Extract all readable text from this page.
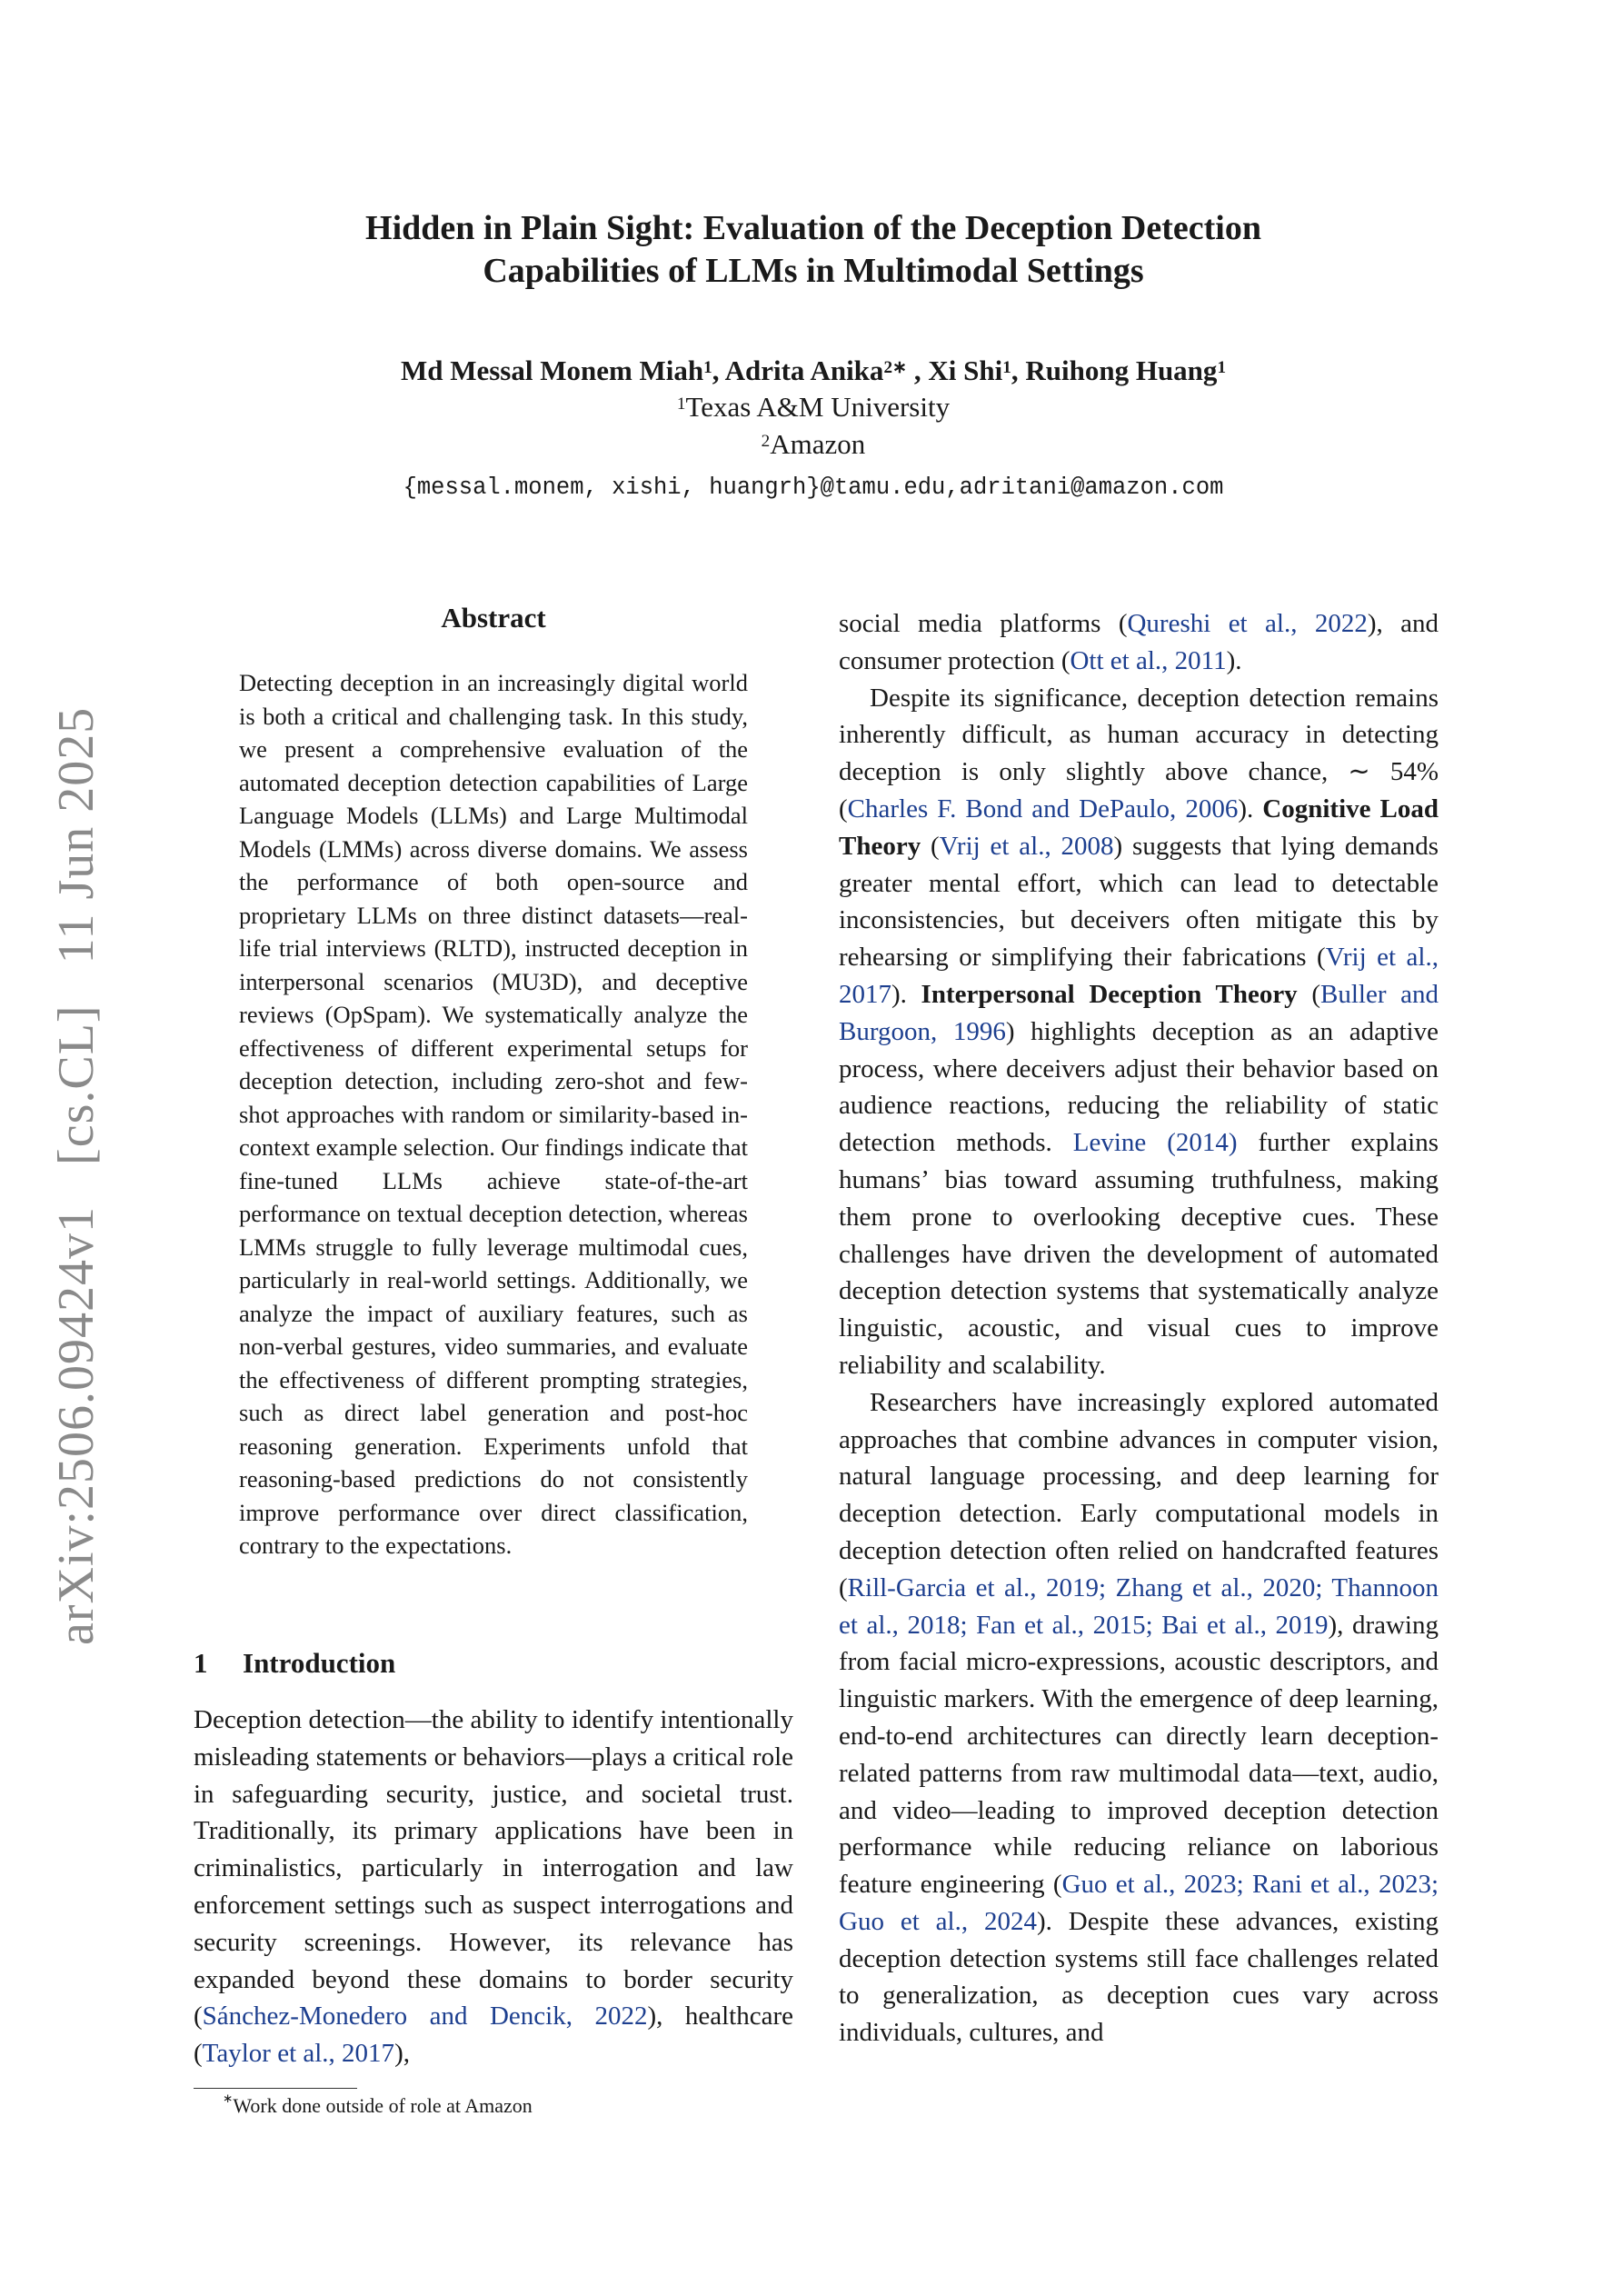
arXiv:2506.09424v1   [cs.CL]   11 Jun 2025
Hidden in Plain Sight: Evaluation of the Deception Detection
Capabilities of LLMs in Multimodal Settings
Md Messal Monem Miah$^1$, Adrita Anika$^{2∗}$ , Xi Shi$^1$, Ruihong Huang$^1$
$^1$Texas A&M University
$^2$Amazon
{messal.monem, xishi, huangrh}@tamu.edu,adritani@amazon.com
Abstract
Detecting deception in an increasingly digital world is both a critical and challenging task. In this study, we present a comprehensive evaluation of the automated deception detection capabilities of Large Language Models (LLMs) and Large Multimodal Models (LMMs) across diverse domains. We assess the performance of both open-source and proprietary LLMs on three distinct datasets—real-life trial interviews (RLTD), instructed deception in interpersonal scenarios (MU3D), and deceptive reviews (OpSpam). We systematically analyze the effectiveness of different experimental setups for deception detection, including zero-shot and few-shot approaches with random or similarity-based in-context example selection. Our findings indicate that fine-tuned LLMs achieve state-of-the-art performance on textual deception detection, whereas LMMs struggle to fully leverage multimodal cues, particularly in real-world settings. Additionally, we analyze the impact of auxiliary features, such as non-verbal gestures, video summaries, and evaluate the effectiveness of different prompting strategies, such as direct label generation and post-hoc reasoning generation. Experiments unfold that reasoning-based predictions do not consistently improve performance over direct classification, contrary to the expectations.
1 Introduction
Deception detection—the ability to identify intentionally misleading statements or behaviors—plays a critical role in safeguarding security, justice, and societal trust. Traditionally, its primary applications have been in criminalistics, particularly in interrogation and law enforcement settings such as suspect interrogations and security screenings. However, its relevance has expanded beyond these domains to border security (Sánchez-Monedero and Dencik, 2022), healthcare (Taylor et al., 2017),
∗Work done outside of role at Amazon

social media platforms (Qureshi et al., 2022), and consumer protection (Ott et al., 2011).

Despite its significance, deception detection remains inherently difficult, as human accuracy in detecting deception is only slightly above chance, ∼ 54% (Charles F. Bond and DePaulo, 2006). Cognitive Load Theory (Vrij et al., 2008) suggests that lying demands greater mental effort, which can lead to detectable inconsistencies, but deceivers often mitigate this by rehearsing or simplifying their fabrications (Vrij et al., 2017). Interpersonal Deception Theory (Buller and Burgoon, 1996) highlights deception as an adaptive process, where deceivers adjust their behavior based on audience reactions, reducing the reliability of static detection methods. Levine (2014) further explains humans’ bias toward assuming truthfulness, making them prone to overlooking deceptive cues. These challenges have driven the development of automated deception detection systems that systematically analyze linguistic, acoustic, and visual cues to improve reliability and scalability.

Researchers have increasingly explored automated approaches that combine advances in computer vision, natural language processing, and deep learning for deception detection. Early computational models in deception detection often relied on handcrafted features (Rill-Garcia et al., 2019; Zhang et al., 2020; Thannoon et al., 2018; Fan et al., 2015; Bai et al., 2019), drawing from facial micro-expressions, acoustic descriptors, and linguistic markers. With the emergence of deep learning, end-to-end architectures can directly learn deception-related patterns from raw multimodal data—text, audio, and video—leading to improved deception detection performance while reducing reliance on laborious feature engineering (Guo et al., 2023; Rani et al., 2023; Guo et al., 2024). Despite these advances, existing deception detection systems still face challenges related to generalization, as deception cues vary across individuals, cultures, and
